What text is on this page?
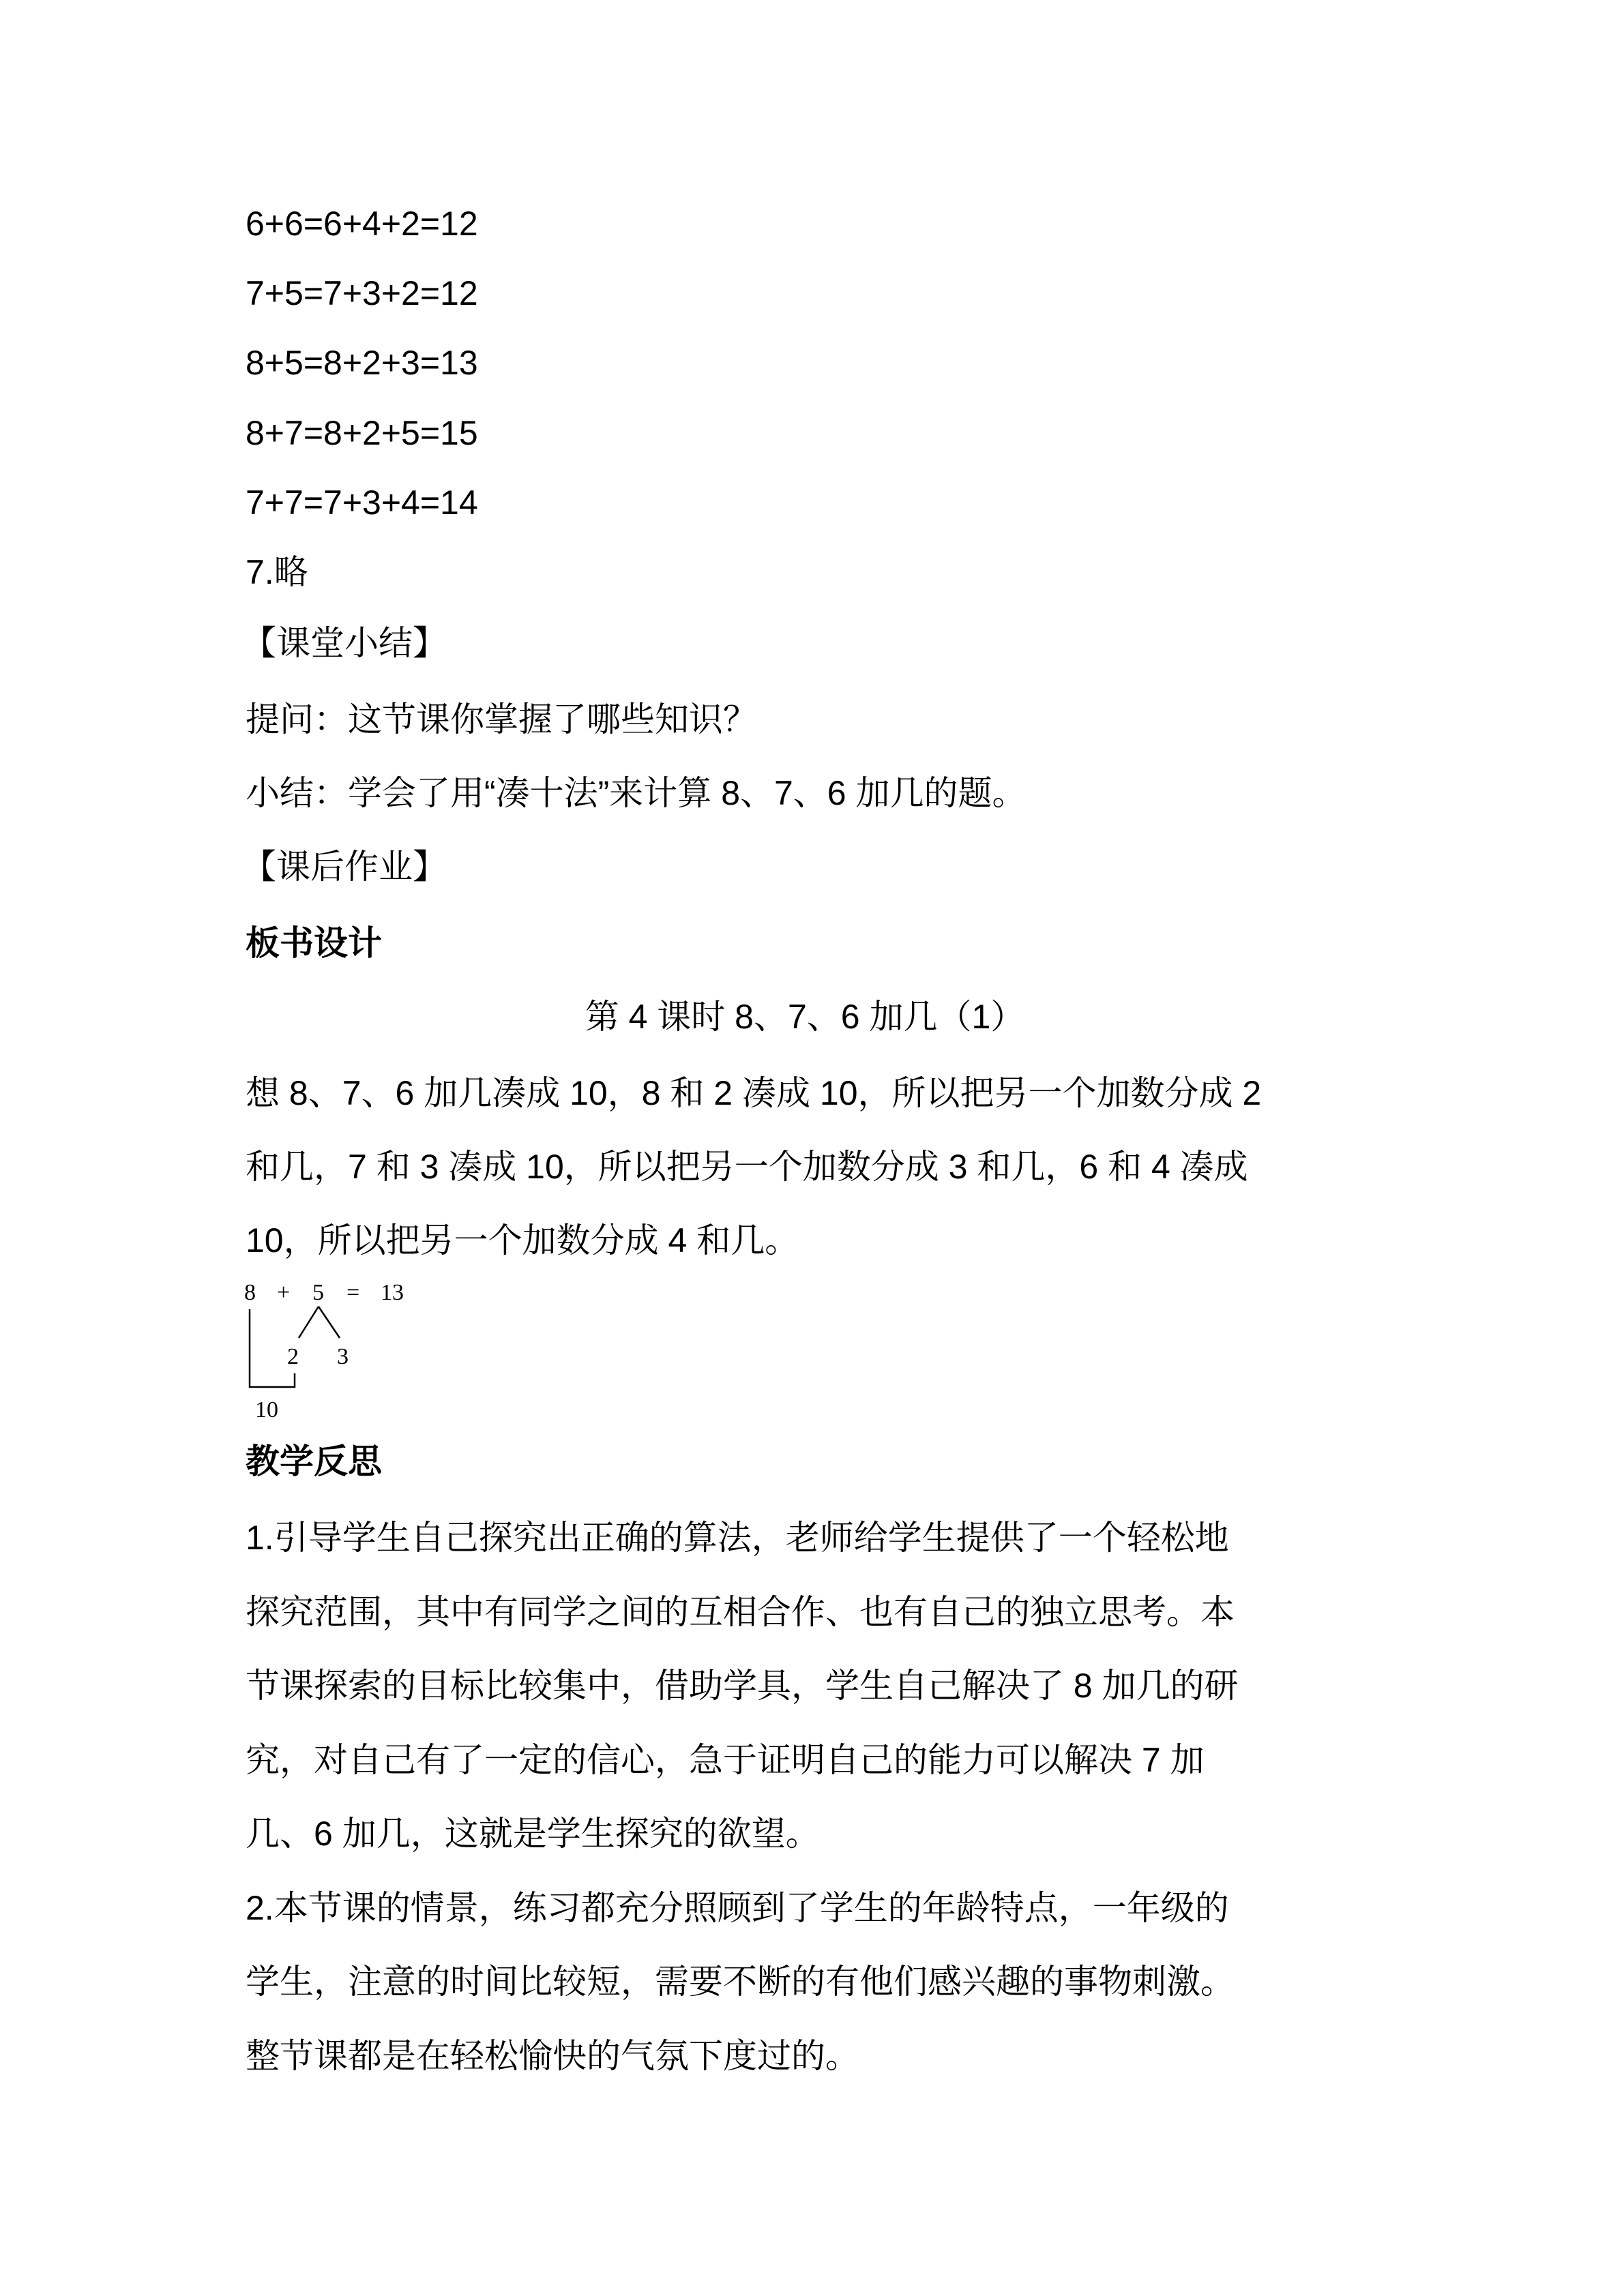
6+6=6+4+2=12
7+5=7+3+2=12
8+5=8+2+3=13
8+7=8+2+5=15
7+7=7+3+4=14
7.略
【课堂小结】
提问：这节课你掌握了哪些知识？
小结：学会了用“凑十法”来计算 8、7、6 加几的题。
【课后作业】
板书设计
第 4 课时 8、7、6 加几（1）
想 8、7、6 加几凑成 10，8 和 2 凑成 10，所以把另一个加数分成 2
和几，7 和 3 凑成 10，所以把另一个加数分成 3 和几，6 和 4 凑成
10，所以把另一个加数分成 4 和几。
8 + 5 = 13
2 3
10
教学反思
1.引导学生自己探究出正确的算法，老师给学生提供了一个轻松地
探究范围，其中有同学之间的互相合作、也有自己的独立思考。本
节课探索的目标比较集中，借助学具，学生自己解决了 8 加几的研
究，对自己有了一定的信心，急于证明自己的能力可以解决 7 加
几、6 加几，这就是学生探究的欲望。
2.本节课的情景，练习都充分照顾到了学生的年龄特点，一年级的
学生，注意的时间比较短，需要不断的有他们感兴趣的事物刺激。
整节课都是在轻松愉快的气氛下度过的。
